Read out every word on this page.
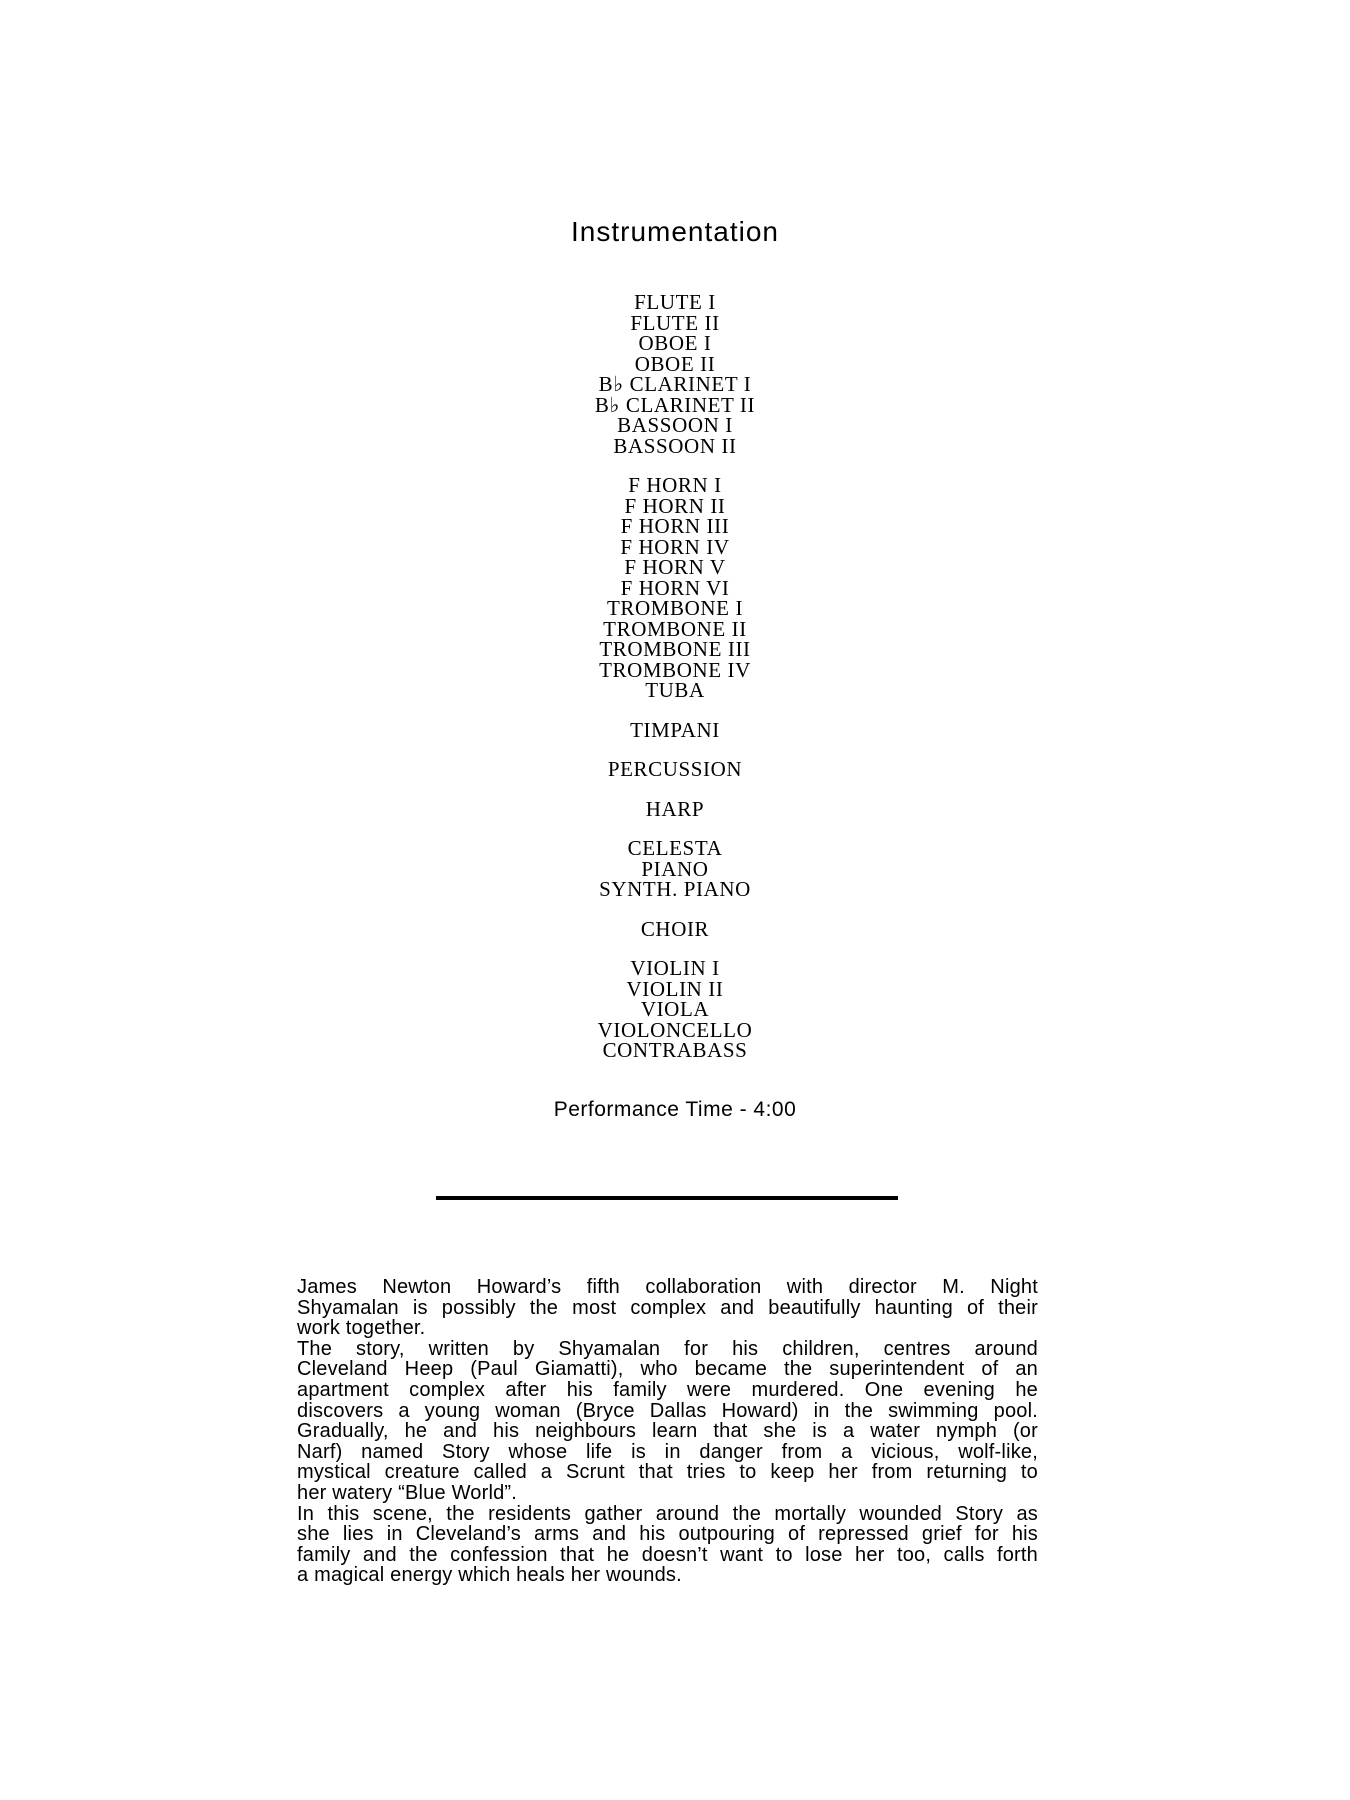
Instrumentation
FLUTE I
FLUTE II
OBOE I
OBOE II
B♭ CLARINET I
B♭ CLARINET II
BASSOON I
BASSOON II
F HORN I
F HORN II
F HORN III
F HORN IV
F HORN V
F HORN VI
TROMBONE I
TROMBONE II
TROMBONE III
TROMBONE IV
TUBA
TIMPANI
PERCUSSION
HARP
CELESTA
PIANO
SYNTH. PIANO
CHOIR
VIOLIN I
VIOLIN II
VIOLA
VIOLONCELLO
CONTRABASS
Performance Time - 4:00
James Newton Howard’s fifth collaboration with director M. Night
Shyamalan is possibly the most complex and beautifully haunting of their
work together.
The story, written by Shyamalan for his children, centres around
Cleveland Heep (Paul Giamatti), who became the superintendent of an
apartment complex after his family were murdered. One evening he
discovers a young woman (Bryce Dallas Howard) in the swimming pool.
Gradually, he and his neighbours learn that she is a water nymph (or
Narf) named Story whose life is in danger from a vicious, wolf-like,
mystical creature called a Scrunt that tries to keep her from returning to
her watery “Blue World”.
In this scene, the residents gather around the mortally wounded Story as
she lies in Cleveland’s arms and his outpouring of repressed grief for his
family and the confession that he doesn’t want to lose her too, calls forth
a magical energy which heals her wounds.
